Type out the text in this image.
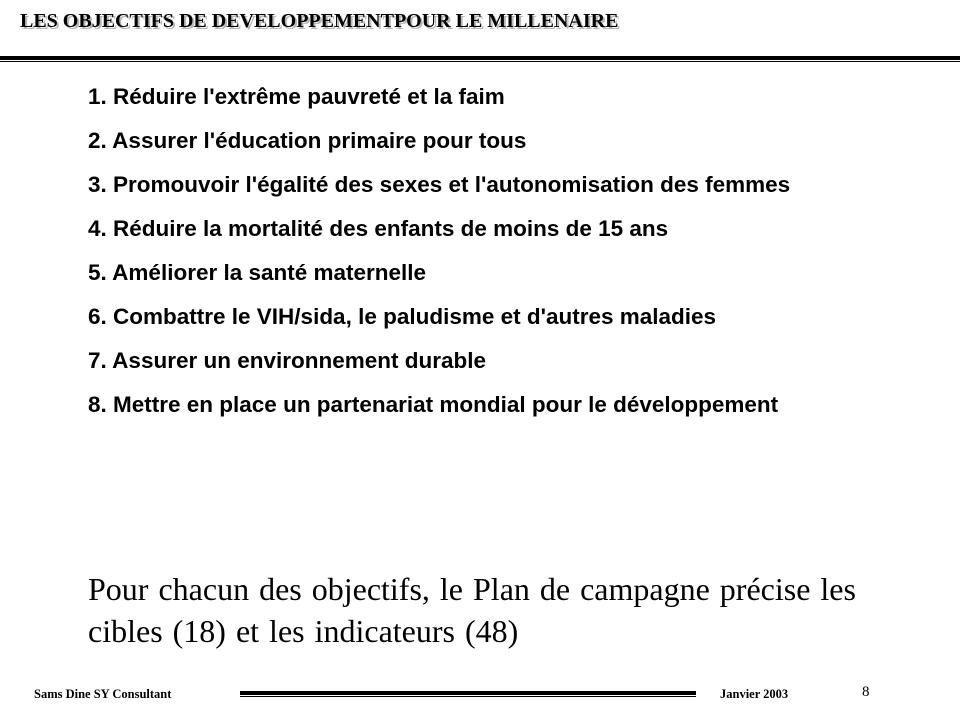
LES OBJECTIFS DE DEVELOPPEMENTPOUR LE MILLENAIRE
1. Réduire l'extrême pauvreté et la faim
2. Assurer l'éducation primaire pour tous
3. Promouvoir l'égalité des sexes et l'autonomisation des femmes
4. Réduire la mortalité des enfants de moins de 15 ans
5. Améliorer la santé maternelle
6. Combattre le VIH/sida, le paludisme et d'autres maladies
7. Assurer un environnement durable
8. Mettre en place un partenariat mondial pour le développement
Pour chacun des objectifs, le Plan de campagne précise les cibles (18) et les indicateurs (48)
Sams Dine SY Consultant	Janvier 2003	8
